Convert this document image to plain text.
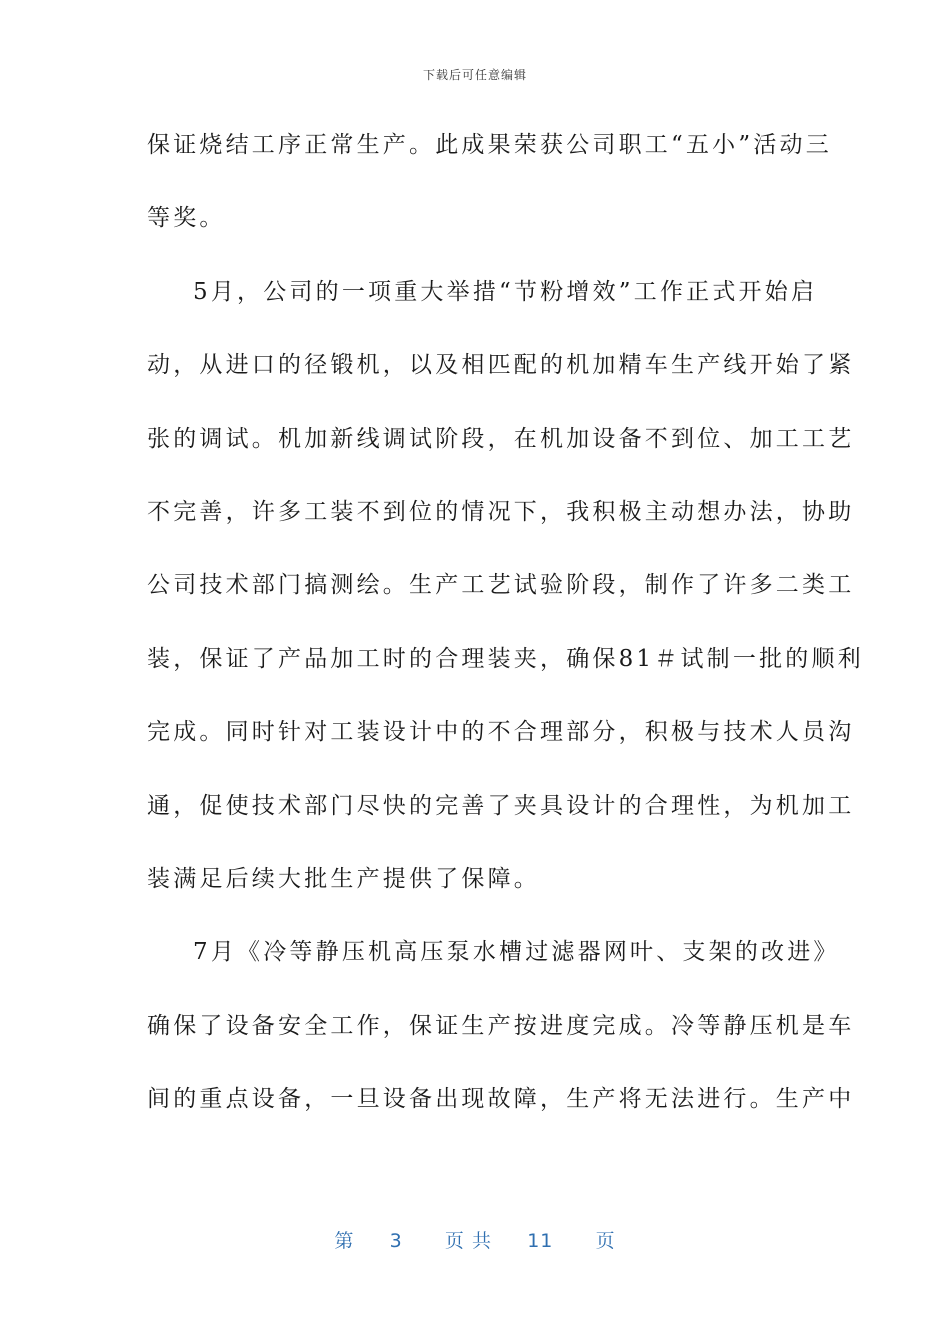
下载后可任意编辑
保证烧结工序正常生产。此成果荣获公司职工“五小”活动三
等奖。
5月，公司的一项重大举措“节粉增效”工作正式开始启
动，从进口的径锻机，以及相匹配的机加精车生产线开始了紧
张的调试。机加新线调试阶段，在机加设备不到位、加工工艺
不完善，许多工装不到位的情况下，我积极主动想办法，协助
公司技术部门搞测绘。生产工艺试验阶段，制作了许多二类工
装，保证了产品加工时的合理装夹，确保81＃试制一批的顺利
完成。同时针对工装设计中的不合理部分，积极与技术人员沟
通，促使技术部门尽快的完善了夹具设计的合理性，为机加工
装满足后续大批生产提供了保障。
7月《冷等静压机高压泵水槽过滤器网叶、支架的改进》
确保了设备安全工作，保证生产按进度完成。冷等静压机是车
间的重点设备，一旦设备出现故障，生产将无法进行。生产中
第 3 页 共 11 页
